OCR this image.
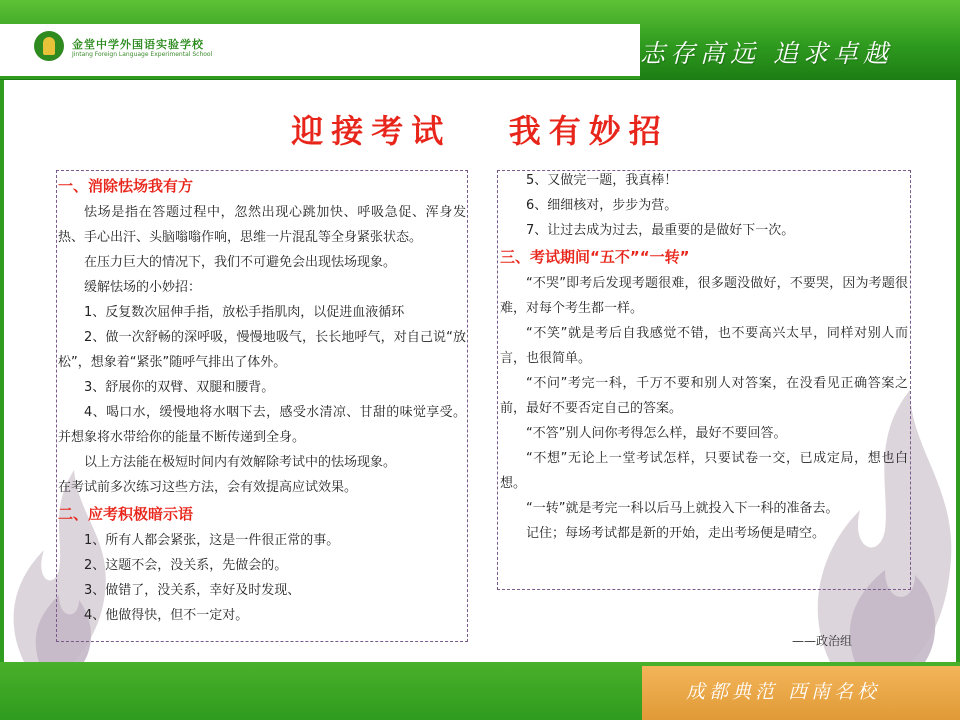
金堂中学外国语实验学校
Jintang Foreign Language Experimental School	志存高远 追求卓越
迎接考试   我有妙招

一、消除怯场我有方

怯场是指在答题过程中，忽然出现心跳加快、呼吸急促、浑身发热、手心出汗、头脑嗡嗡作响，思维一片混乱等全身紧张状态。

在压力巨大的情况下，我们不可避免会出现怯场现象。

缓解怯场的小妙招：

1、反复数次屈伸手指，放松手指肌肉，以促进血液循环

2、做一次舒畅的深呼吸，慢慢地吸气，长长地呼气，对自己说“放松”，想象着“紧张”随呼气排出了体外。

3、舒展你的双臂、双腿和腰背。

4、喝口水，缓慢地将水咽下去，感受水清凉、甘甜的味觉享受。并想象将水带给你的能量不断传递到全身。

以上方法能在极短时间内有效解除考试中的怯场现象。

在考试前多次练习这些方法，会有效提高应试效果。

二、应考积极暗示语

1、所有人都会紧张，这是一件很正常的事。

2、这题不会，没关系，先做会的。

3、做错了，没关系，幸好及时发现、

4、他做得快，但不一定对。

5、又做完一题，我真棒！

6、细细核对，步步为营。

7、让过去成为过去，最重要的是做好下一次。

三、考试期间“五不”“一转”

“不哭”即考后发现考题很难，很多题没做好，不要哭，因为考题很难，对每个考生都一样。

“不笑”就是考后自我感觉不错，也不要高兴太早，同样对别人而言，也很简单。

“不问”考完一科，千万不要和别人对答案，在没看见正确答案之前，最好不要否定自己的答案。

“不答”别人问你考得怎么样，最好不要回答。

“不想”无论上一堂考试怎样，只要试卷一交，已成定局，想也白想。

“一转”就是考完一科以后马上就投入下一科的准备去。

记住；每场考试都是新的开始，走出考场便是晴空。

——政治组
成都典范 西南名校
